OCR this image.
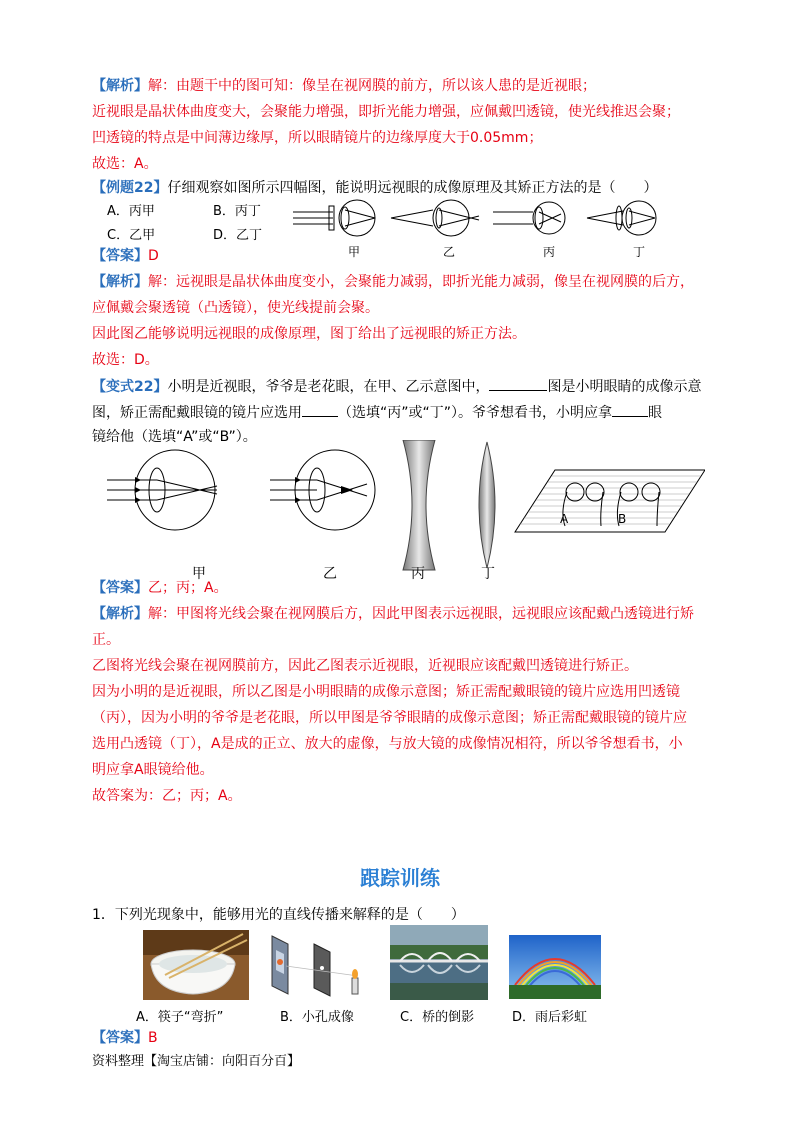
【解析】解：由题干中的图可知：像呈在视网膜的前方，所以该人患的是近视眼；
近视眼是晶状体曲度变大，会聚能力增强，即折光能力增强，应佩戴凹透镜，使光线推迟会聚；
凹透镜的特点是中间薄边缘厚，所以眼睛镜片的边缘厚度大于0.05mm；
故选：A。
【例题22】仔细观察如图所示四幅图，能说明远视眼的成像原理及其矫正方法的是（　　）
A．丙甲	B．丙丁
C．乙甲	D．乙丁
甲	乙	丙	丁
【答案】D
【解析】解：远视眼是晶状体曲度变小，会聚能力减弱，即折光能力减弱，像呈在视网膜的后方，
应佩戴会聚透镜（凸透镜），使光线提前会聚。
因此图乙能够说明远视眼的成像原理，图丁给出了远视眼的矫正方法。
故选：D。
【变式22】小明是近视眼，爷爷是老花眼，在甲、乙示意图中，	图是小明眼睛的成像示意
图，矫正需配戴眼镜的镜片应选用	（选填“丙”或“丁”）。爷爷想看书，小明应拿	眼
镜给他（选填“A”或“B”）。
A	B
甲	乙	丙	丁
【答案】乙；丙；A。
【解析】解：甲图将光线会聚在视网膜后方，因此甲图表示远视眼，远视眼应该配戴凸透镜进行矫
正。
乙图将光线会聚在视网膜前方，因此乙图表示近视眼，近视眼应该配戴凹透镜进行矫正。
因为小明的是近视眼，所以乙图是小明眼睛的成像示意图；矫正需配戴眼镜的镜片应选用凹透镜
（丙），因为小明的爷爷是老花眼，所以甲图是爷爷眼睛的成像示意图；矫正需配戴眼镜的镜片应
选用凸透镜（丁），A是成的正立、放大的虚像，与放大镜的成像情况相符，所以爷爷想看书，小
明应拿A眼镜给他。
故答案为：乙；丙；A。
跟踪训练
1．下列光现象中，能够用光的直线传播来解释的是（　　）
A．筷子“弯折”	B．小孔成像	C．桥的倒影	D．雨后彩虹
【答案】B
资料整理【淘宝店铺：向阳百分百】
